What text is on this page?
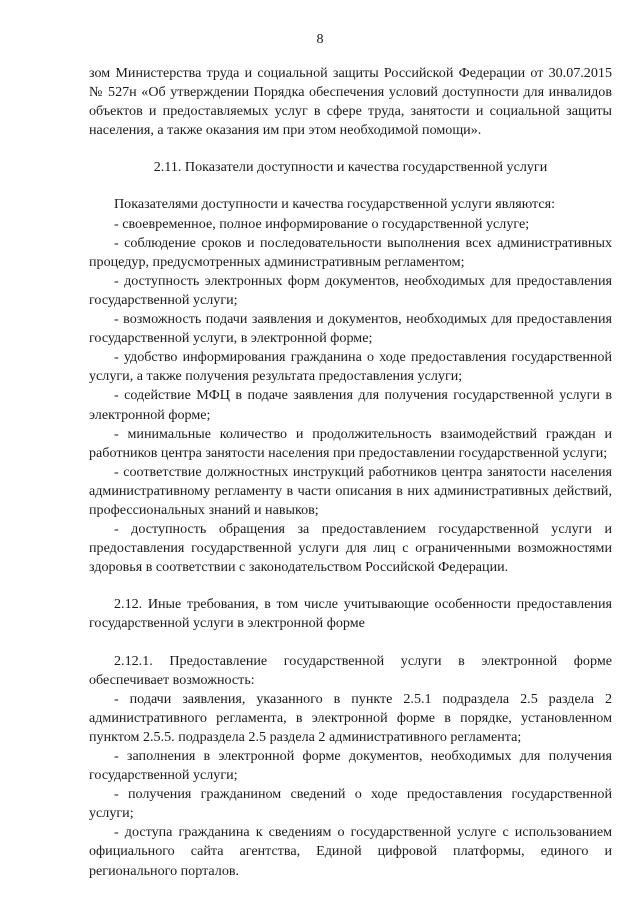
8

зом Министерства труда и социальной защиты Российской Федерации от 30.07.2015 № 527н «Об утверждении Порядка обеспечения условий доступности для инвалидов объектов и предоставляемых услуг в сфере труда, занятости и социальной защиты населения, а также оказания им при этом необходимой помощи».

2.11. Показатели доступности и качества государственной услуги

Показателями доступности и качества государственной услуги являются:

- своевременное, полное информирование о государственной услуге;

- соблюдение сроков и последовательности выполнения всех административных процедур, предусмотренных административным регламентом;

- доступность электронных форм документов, необходимых для предоставления государственной услуги;

- возможность подачи заявления и документов, необходимых для предоставления государственной услуги, в электронной форме;

- удобство информирования гражданина о ходе предоставления государственной услуги, а также получения результата предоставления услуги;

- содействие МФЦ в подаче заявления для получения государственной услуги в электронной форме;

- минимальные количество и продолжительность взаимодействий граждан и работников центра занятости населения при предоставлении государственной услуги;

- соответствие должностных инструкций работников центра занятости населения административному регламенту в части описания в них административных действий, профессиональных знаний и навыков;

- доступность обращения за предоставлением государственной услуги и предоставления государственной услуги для лиц с ограниченными возможностями здоровья в соответствии с законодательством Российской Федерации.

2.12. Иные требования, в том числе учитывающие особенности предоставления государственной услуги в электронной форме

2.12.1. Предоставление государственной услуги в электронной форме обеспечивает возможность:

- подачи заявления, указанного в пункте 2.5.1 подраздела 2.5 раздела 2 административного регламента, в электронной форме в порядке, установленном пунктом 2.5.5. подраздела 2.5 раздела 2 административного регламента;

- заполнения в электронной форме документов, необходимых для получения государственной услуги;

- получения гражданином сведений о ходе предоставления государственной услуги;

- доступа гражданина к сведениям о государственной услуге с использованием официального сайта агентства, Единой цифровой платформы, единого и регионального порталов.
